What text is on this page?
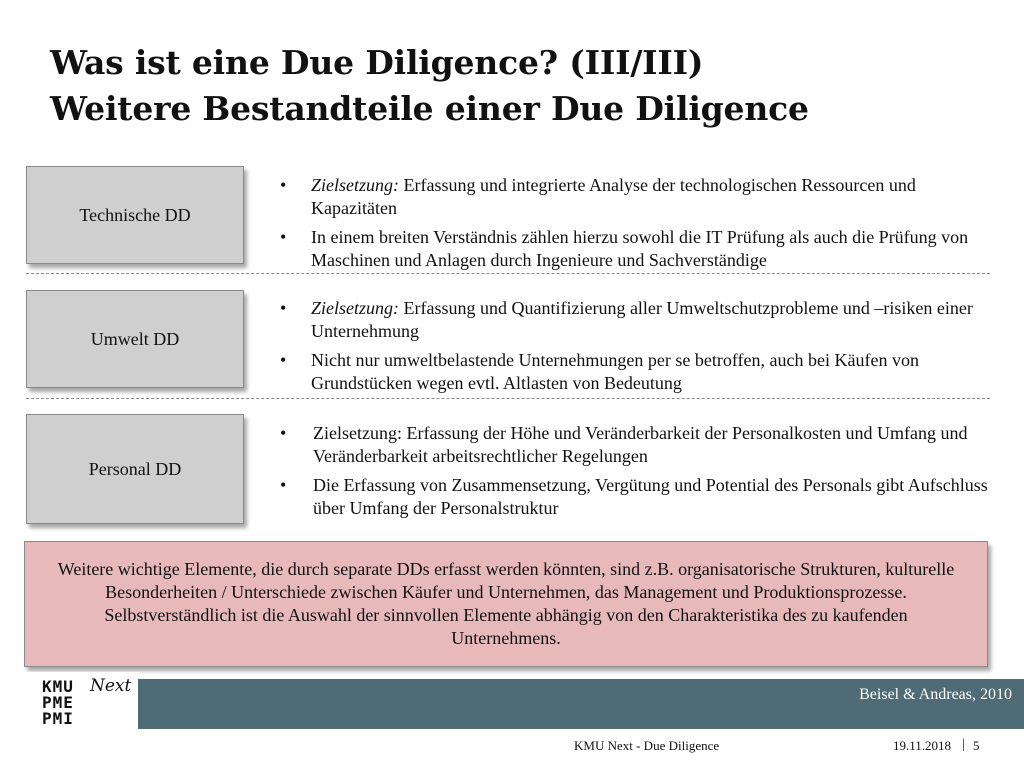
Was ist eine Due Diligence? (III/III)
Weitere Bestandteile einer Due Diligence
Technische DD
• Zielsetzung: Erfassung und integrierte Analyse der technologischen Ressourcen und Kapazitäten
• In einem breiten Verständnis zählen hierzu sowohl die IT Prüfung als auch die Prüfung von Maschinen und Anlagen durch Ingenieure und Sachverständige
Umwelt DD
• Zielsetzung: Erfassung und Quantifizierung aller Umweltschutzprobleme und –risiken einer Unternehmung
• Nicht nur umweltbelastende Unternehmungen per se betroffen, auch bei Käufen von Grundstücken wegen evtl. Altlasten von Bedeutung
Personal DD
• Zielsetzung: Erfassung der Höhe und Veränderbarkeit der Personalkosten und Umfang und Veränderbarkeit arbeitsrechtlicher Regelungen
• Die Erfassung von Zusammensetzung, Vergütung und Potential des Personals gibt Aufschluss über Umfang der Personalstruktur
Weitere wichtige Elemente, die durch separate DDs erfasst werden könnten, sind z.B. organisatorische Strukturen, kulturelle Besonderheiten / Unterschiede zwischen Käufer und Unternehmen, das Management und Produktionsprozesse. Selbstverständlich ist die Auswahl der sinnvollen Elemente abhängig von den Charakteristika des zu kaufenden Unternehmens.
KMU
PME
PMI
Next	Beisel & Andreas, 2010
KMU Next - Due Diligence	19.11.2018 | 5
